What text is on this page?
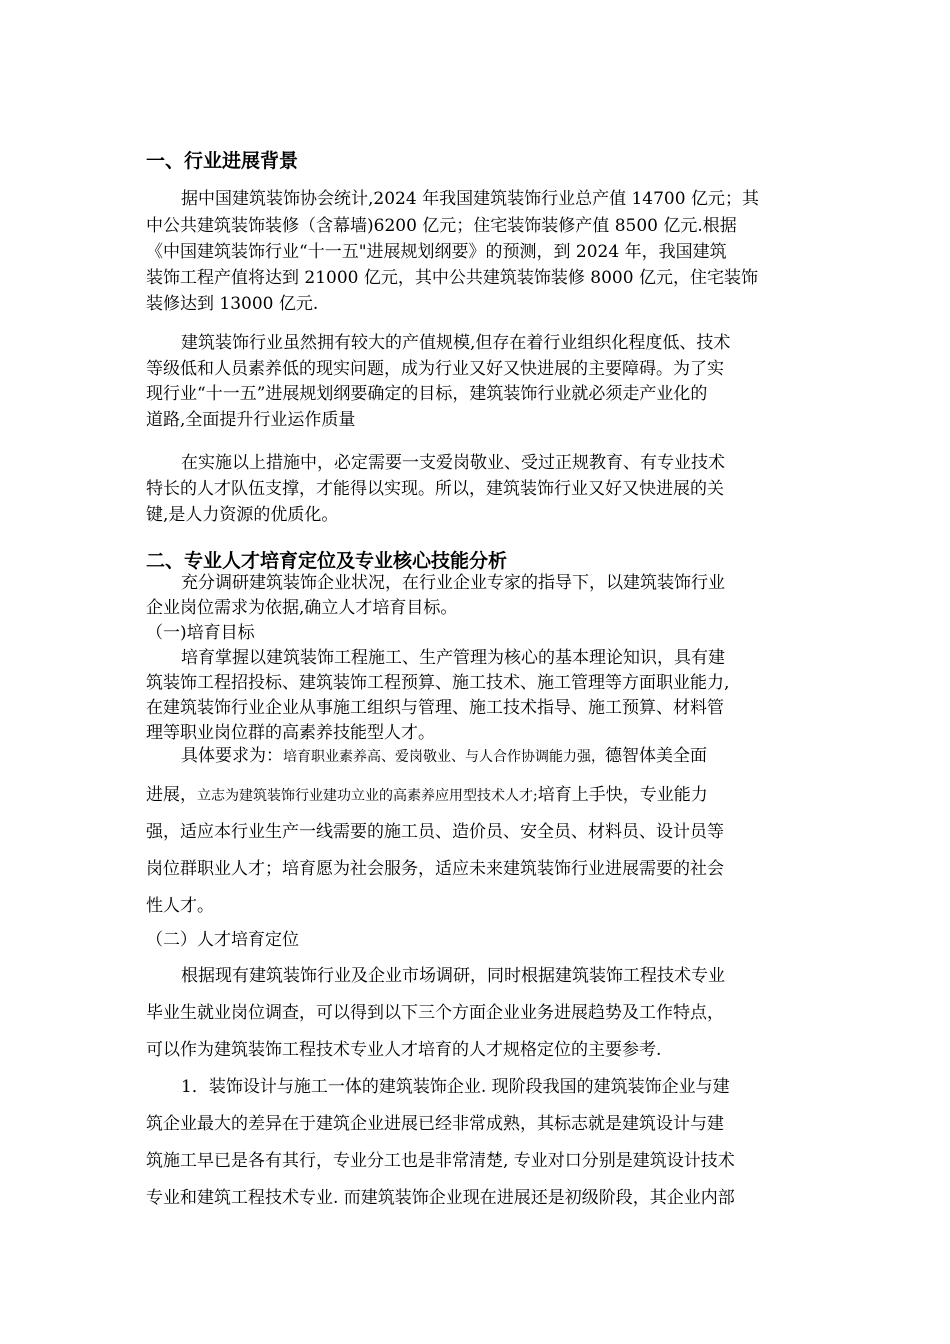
一、行业进展背景
据中国建筑装饰协会统计,2024 年我国建筑装饰行业总产值 14700 亿元；其
中公共建筑装饰装修（含幕墙)6200 亿元；住宅装饰装修产值 8500 亿元.根据
《中国建筑装饰行业“十一五"进展规划纲要》的预测，到 2024 年，我国建筑
装饰工程产值将达到 21000 亿元，其中公共建筑装饰装修 8000 亿元，住宅装饰
装修达到 13000 亿元.
建筑装饰行业虽然拥有较大的产值规模,但存在着行业组织化程度低、技术
等级低和人员素养低的现实问题，成为行业又好又快进展的主要障碍。为了实
现行业“十一五”进展规划纲要确定的目标，建筑装饰行业就必须走产业化的
道路,全面提升行业运作质量
在实施以上措施中，必定需要一支爱岗敬业、受过正规教育、有专业技术
特长的人才队伍支撑，才能得以实现。所以，建筑装饰行业又好又快进展的关
键,是人力资源的优质化。
二、专业人才培育定位及专业核心技能分析
充分调研建筑装饰企业状况，在行业企业专家的指导下，以建筑装饰行业
企业岗位需求为依据,确立人才培育目标。
（一)培育目标
培育掌握以建筑装饰工程施工、生产管理为核心的基本理论知识，具有建
筑装饰工程招投标、建筑装饰工程预算、施工技术、施工管理等方面职业能力,
在建筑装饰行业企业从事施工组织与管理、施工技术指导、施工预算、材料管
理等职业岗位群的高素养技能型人才。
具体要求为：培育职业素养高、爱岗敬业、与人合作协调能力强，德智体美全面
进展，立志为建筑装饰行业建功立业的高素养应用型技术人才;培育上手快，专业能力
强，适应本行业生产一线需要的施工员、造价员、安全员、材料员、设计员等
岗位群职业人才；培育愿为社会服务，适应未来建筑装饰行业进展需要的社会
性人才。
（二）人才培育定位
根据现有建筑装饰行业及企业市场调研，同时根据建筑装饰工程技术专业
毕业生就业岗位调查，可以得到以下三个方面企业业务进展趋势及工作特点，
可以作为建筑装饰工程技术专业人才培育的人才规格定位的主要参考.
1．装饰设计与施工一体的建筑装饰企业. 现阶段我国的建筑装饰企业与建
筑企业最大的差异在于建筑企业进展已经非常成熟，其标志就是建筑设计与建
筑施工早已是各有其行，专业分工也是非常清楚, 专业对口分别是建筑设计技术
专业和建筑工程技术专业. 而建筑装饰企业现在进展还是初级阶段，其企业内部
